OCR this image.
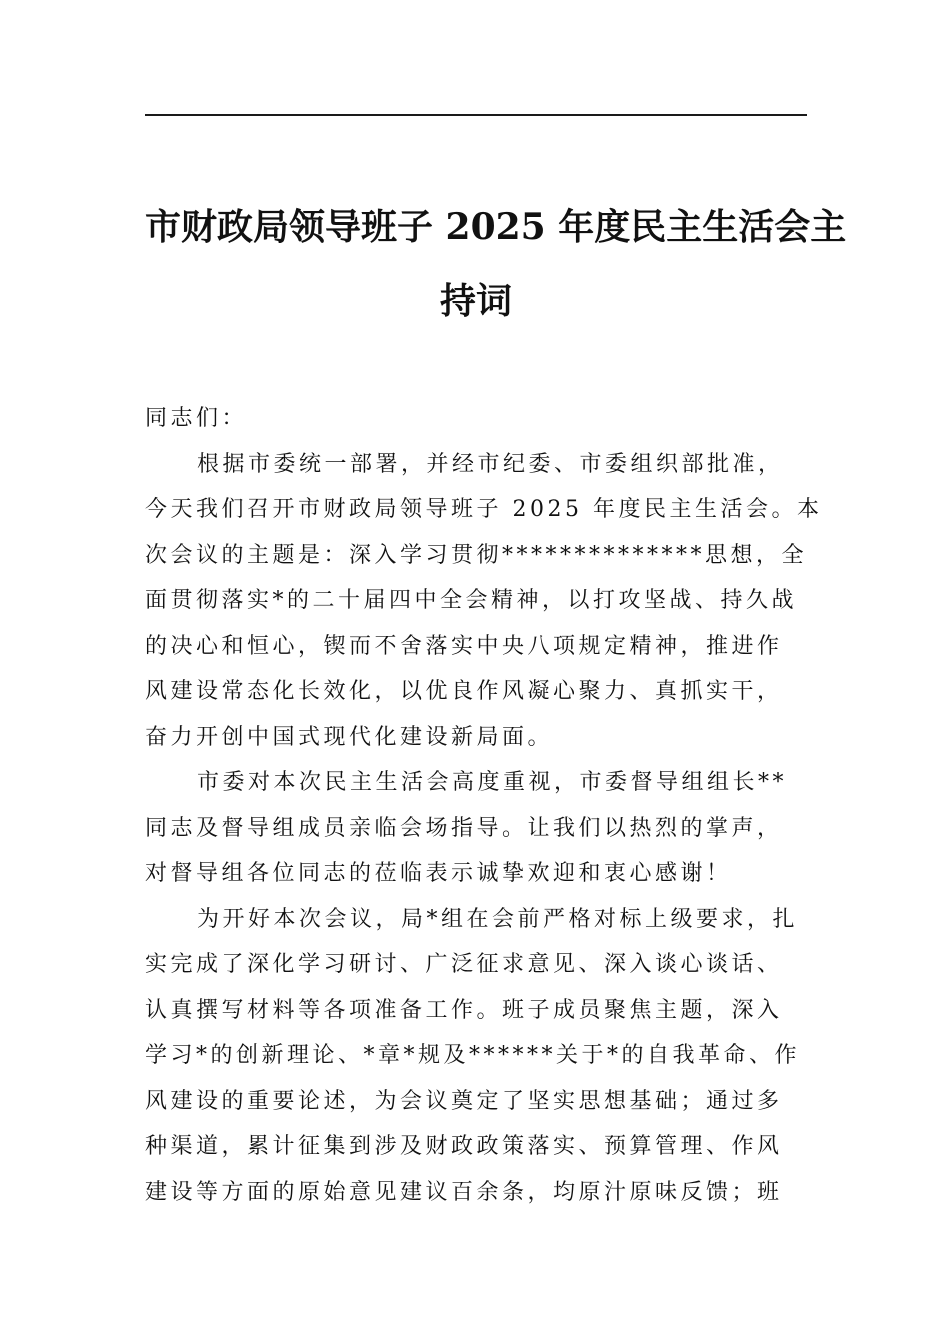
市财政局领导班子 2025 年度民主生活会主
持词
同志们：
根据市委统一部署，并经市纪委、市委组织部批准，
今天我们召开市财政局领导班子 2025 年度民主生活会。本
次会议的主题是：深入学习贯彻**************思想，全
面贯彻落实*的二十届四中全会精神，以打攻坚战、持久战
的决心和恒心，锲而不舍落实中央八项规定精神，推进作
风建设常态化长效化，以优良作风凝心聚力、真抓实干，
奋力开创中国式现代化建设新局面。
市委对本次民主生活会高度重视，市委督导组组长**
同志及督导组成员亲临会场指导。让我们以热烈的掌声，
对督导组各位同志的莅临表示诚挚欢迎和衷心感谢！
为开好本次会议，局*组在会前严格对标上级要求，扎
实完成了深化学习研讨、广泛征求意见、深入谈心谈话、
认真撰写材料等各项准备工作。班子成员聚焦主题，深入
学习*的创新理论、*章*规及******关于*的自我革命、作
风建设的重要论述，为会议奠定了坚实思想基础；通过多
种渠道，累计征集到涉及财政政策落实、预算管理、作风
建设等方面的原始意见建议百余条，均原汁原味反馈；班
